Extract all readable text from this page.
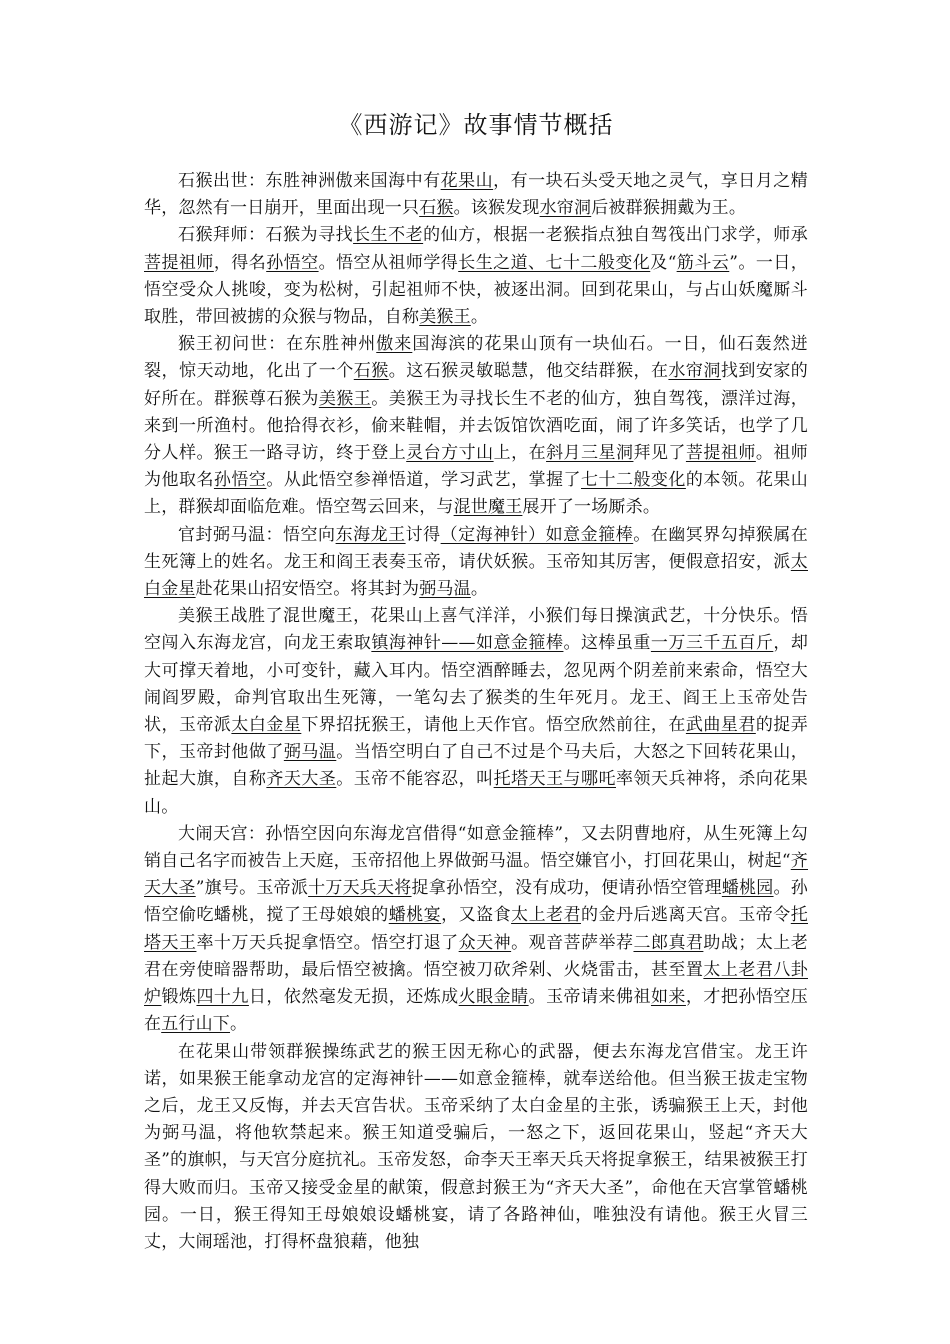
《西游记》故事情节概括

石猴出世：东胜神洲傲来国海中有花果山，有一块石头受天地之灵气，享日月之精华，忽然有一日崩开，里面出现一只石猴。该猴发现水帘洞后被群猴拥戴为王。

石猴拜师：石猴为寻找长生不老的仙方，根据一老猴指点独自驾筏出门求学，师承菩提祖师，得名孙悟空。悟空从祖师学得长生之道、七十二般变化及“筋斗云”。一日，悟空受众人挑唆，变为松树，引起祖师不快，被逐出洞。回到花果山，与占山妖魔厮斗取胜，带回被掳的众猴与物品，自称美猴王。

猴王初问世：在东胜神州傲来国海滨的花果山顶有一块仙石。一日，仙石轰然迸裂，惊天动地，化出了一个石猴。这石猴灵敏聪慧，他交结群猴，在水帘洞找到安家的好所在。群猴尊石猴为美猴王。美猴王为寻找长生不老的仙方，独自驾筏，漂洋过海，来到一所渔村。他拾得衣衫，偷来鞋帽，并去饭馆饮酒吃面，闹了许多笑话，也学了几分人样。猴王一路寻访，终于登上灵台方寸山上，在斜月三星洞拜见了菩提祖师。祖师为他取名孙悟空。从此悟空参禅悟道，学习武艺，掌握了七十二般变化的本领。花果山上，群猴却面临危难。悟空驾云回来，与混世魔王展开了一场厮杀。

官封弼马温：悟空向东海龙王讨得（定海神针）如意金箍棒。在幽冥界勾掉猴属在生死簿上的姓名。龙王和阎王表奏玉帝，请伏妖猴。玉帝知其厉害，便假意招安，派太白金星赴花果山招安悟空。将其封为弼马温。

美猴王战胜了混世魔王，花果山上喜气洋洋，小猴们每日操演武艺，十分快乐。悟空闯入东海龙宫，向龙王索取镇海神针——如意金箍棒。这棒虽重一万三千五百斤，却大可撑天着地，小可变针，藏入耳内。悟空酒醉睡去，忽见两个阴差前来索命，悟空大闹阎罗殿，命判官取出生死簿，一笔勾去了猴类的生年死月。龙王、阎王上玉帝处告状，玉帝派太白金星下界招抚猴王，请他上天作官。悟空欣然前往，在武曲星君的捉弄下，玉帝封他做了弼马温。当悟空明白了自己不过是个马夫后，大怒之下回转花果山，扯起大旗，自称齐天大圣。玉帝不能容忍，叫托塔天王与哪吒率领天兵神将，杀向花果山。

大闹天宫：孙悟空因向东海龙宫借得“如意金箍棒”，又去阴曹地府，从生死簿上勾销自己名字而被告上天庭，玉帝招他上界做弼马温。悟空嫌官小，打回花果山，树起“齐天大圣”旗号。玉帝派十万天兵天将捉拿孙悟空，没有成功，便请孙悟空管理蟠桃园。孙悟空偷吃蟠桃，搅了王母娘娘的蟠桃宴，又盗食太上老君的金丹后逃离天宫。玉帝令托塔天王率十万天兵捉拿悟空。悟空打退了众天神。观音菩萨举荐二郎真君助战；太上老君在旁使暗器帮助，最后悟空被擒。悟空被刀砍斧剁、火烧雷击，甚至置太上老君八卦炉锻炼四十九日，依然毫发无损，还炼成火眼金睛。玉帝请来佛祖如来，才把孙悟空压在五行山下。

在花果山带领群猴操练武艺的猴王因无称心的武器，便去东海龙宫借宝。龙王许诺，如果猴王能拿动龙宫的定海神针——如意金箍棒，就奉送给他。但当猴王拔走宝物之后，龙王又反悔，并去天宫告状。玉帝采纳了太白金星的主张，诱骗猴王上天，封他为弼马温，将他软禁起来。猴王知道受骗后，一怒之下，返回花果山，竖起“齐天大圣”的旗帜，与天宫分庭抗礼。玉帝发怒，命李天王率天兵天将捉拿猴王，结果被猴王打得大败而归。玉帝又接受金星的献策，假意封猴王为“齐天大圣”，命他在天宫掌管蟠桃园。一日，猴王得知王母娘娘设蟠桃宴，请了各路神仙，唯独没有请他。猴王火冒三丈，大闹瑶池，打得杯盘狼藉，他独
